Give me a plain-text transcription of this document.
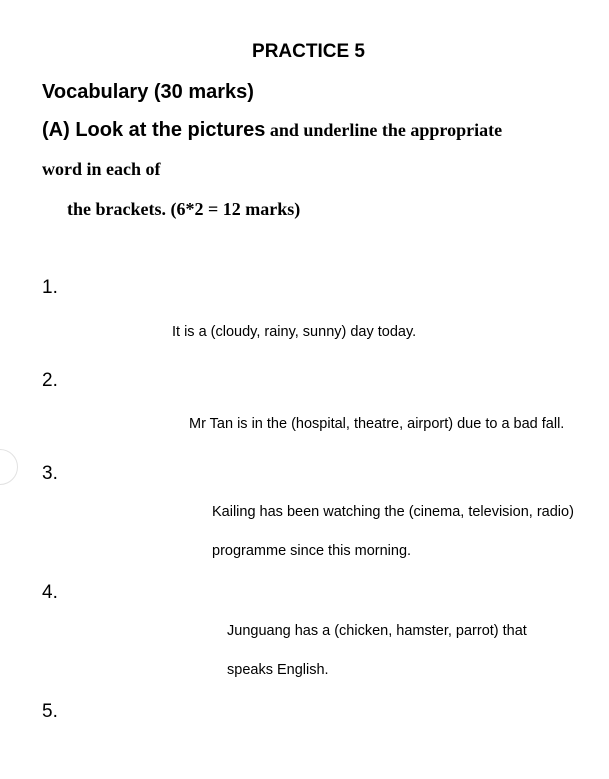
PRACTICE 5
Vocabulary (30 marks)
(A) Look at the pictures and underline the appropriate
word in each of
the brackets. (6*2 = 12 marks)
1.
It is a (cloudy, rainy, sunny) day today.
2.
Mr Tan is in the (hospital, theatre, airport) due to a bad fall.
3.
Kailing has been watching the (cinema, television, radio)
programme since this morning.
4.
Junguang has a (chicken, hamster, parrot) that
speaks English.
5.
